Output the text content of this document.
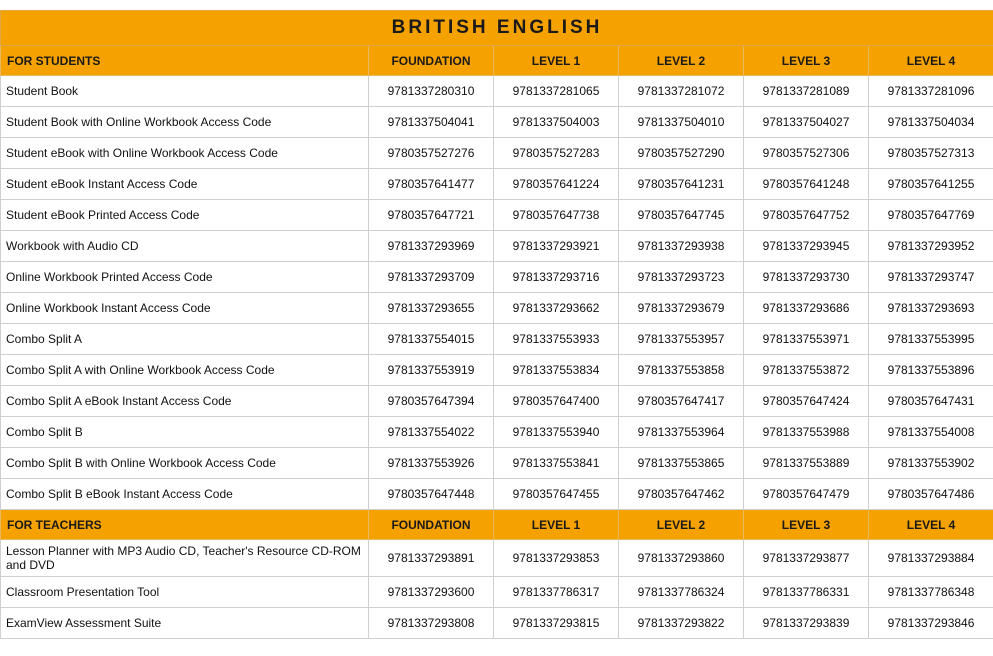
BRITISH ENGLISH					
FOR STUDENTS	FOUNDATION	LEVEL 1	LEVEL 2	LEVEL 3	LEVEL 4
Student Book	9781337280310	9781337281065	9781337281072	9781337281089	9781337281096
Student Book with Online Workbook Access Code	9781337504041	9781337504003	9781337504010	9781337504027	9781337504034
Student eBook with Online Workbook Access Code	9780357527276	9780357527283	9780357527290	9780357527306	9780357527313
Student eBook Instant Access Code	9780357641477	9780357641224	9780357641231	9780357641248	9780357641255
Student eBook Printed Access Code	9780357647721	9780357647738	9780357647745	9780357647752	9780357647769
Workbook with Audio CD	9781337293969	9781337293921	9781337293938	9781337293945	9781337293952
Online Workbook Printed Access Code	9781337293709	9781337293716	9781337293723	9781337293730	9781337293747
Online Workbook Instant Access Code	9781337293655	9781337293662	9781337293679	9781337293686	9781337293693
Combo Split A	9781337554015	9781337553933	9781337553957	9781337553971	9781337553995
Combo Split A with Online Workbook Access Code	9781337553919	9781337553834	9781337553858	9781337553872	9781337553896
Combo Split A eBook Instant Access Code	9780357647394	9780357647400	9780357647417	9780357647424	9780357647431
Combo Split B	9781337554022	9781337553940	9781337553964	9781337553988	9781337554008
Combo Split B with Online Workbook Access Code	9781337553926	9781337553841	9781337553865	9781337553889	9781337553902
Combo Split B eBook Instant Access Code	9780357647448	9780357647455	9780357647462	9780357647479	9780357647486
FOR TEACHERS	FOUNDATION	LEVEL 1	LEVEL 2	LEVEL 3	LEVEL 4
Lesson Planner with MP3 Audio CD, Teacher's Resource CD-ROM and DVD	9781337293891	9781337293853	9781337293860	9781337293877	9781337293884
Classroom Presentation Tool	9781337293600	9781337786317	9781337786324	9781337786331	9781337786348
ExamView Assessment Suite	9781337293808	9781337293815	9781337293822	9781337293839	9781337293846
